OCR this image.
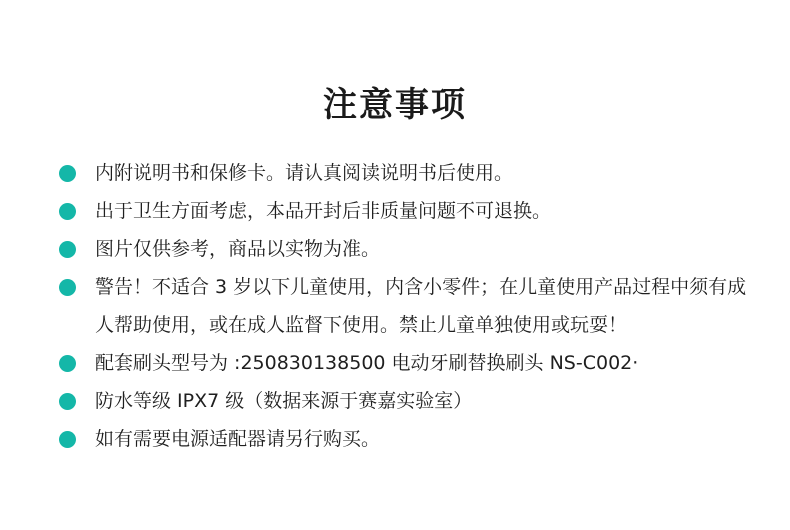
注意事项
内附说明书和保修卡。请认真阅读说明书后使用。
出于卫生方面考虑，本品开封后非质量问题不可退换。
图片仅供参考，商品以实物为准。
警告！不适合 3 岁以下儿童使用，内含小零件；在儿童使用产品过程中须有成人帮助使用，或在成人监督下使用。禁止儿童单独使用或玩耍！
配套刷头型号为 :250830138500 电动牙刷替换刷头 NS-C002·
防水等级 IPX7 级（数据来源于赛嘉实验室）
如有需要电源适配器请另行购买。
